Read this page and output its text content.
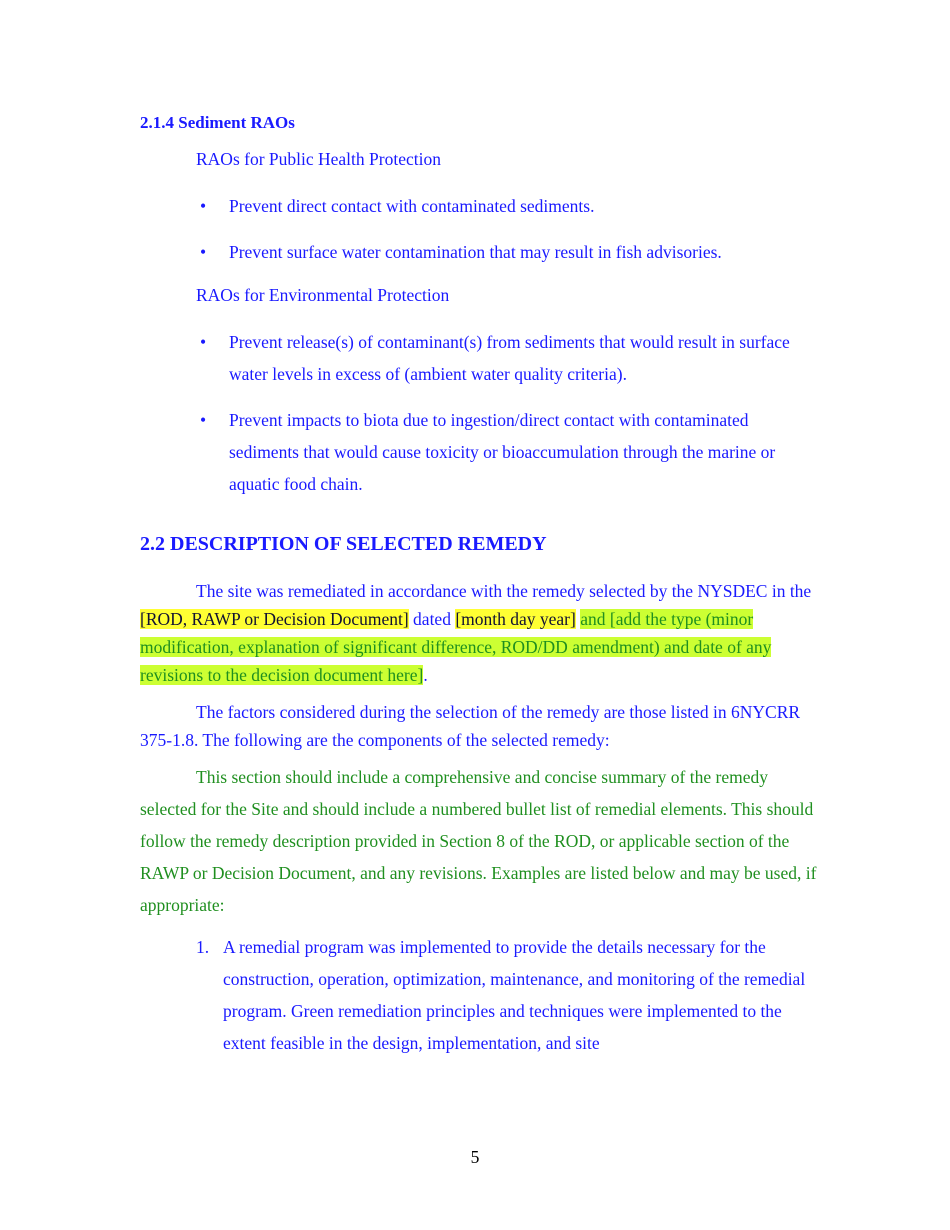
2.1.4 Sediment RAOs
RAOs for Public Health Protection
• Prevent direct contact with contaminated sediments.
• Prevent surface water contamination that may result in fish advisories.
RAOs for Environmental Protection
• Prevent release(s) of contaminant(s) from sediments that would result in surface water levels in excess of (ambient water quality criteria).
• Prevent impacts to biota due to ingestion/direct contact with contaminated sediments that would cause toxicity or bioaccumulation through the marine or aquatic food chain.
2.2 DESCRIPTION OF SELECTED REMEDY
The site was remediated in accordance with the remedy selected by the NYSDEC in the [ROD, RAWP or Decision Document] dated [month day year] and [add the type (minor modification, explanation of significant difference, ROD/DD amendment) and date of any revisions to the decision document here].
The factors considered during the selection of the remedy are those listed in 6NYCRR 375-1.8. The following are the components of the selected remedy:
This section should include a comprehensive and concise summary of the remedy selected for the Site and should include a numbered bullet list of remedial elements. This should follow the remedy description provided in Section 8 of the ROD, or applicable section of the RAWP or Decision Document, and any revisions. Examples are listed below and may be used, if appropriate:
1. A remedial program was implemented to provide the details necessary for the construction, operation, optimization, maintenance, and monitoring of the remedial program. Green remediation principles and techniques were implemented to the extent feasible in the design, implementation, and site
5
